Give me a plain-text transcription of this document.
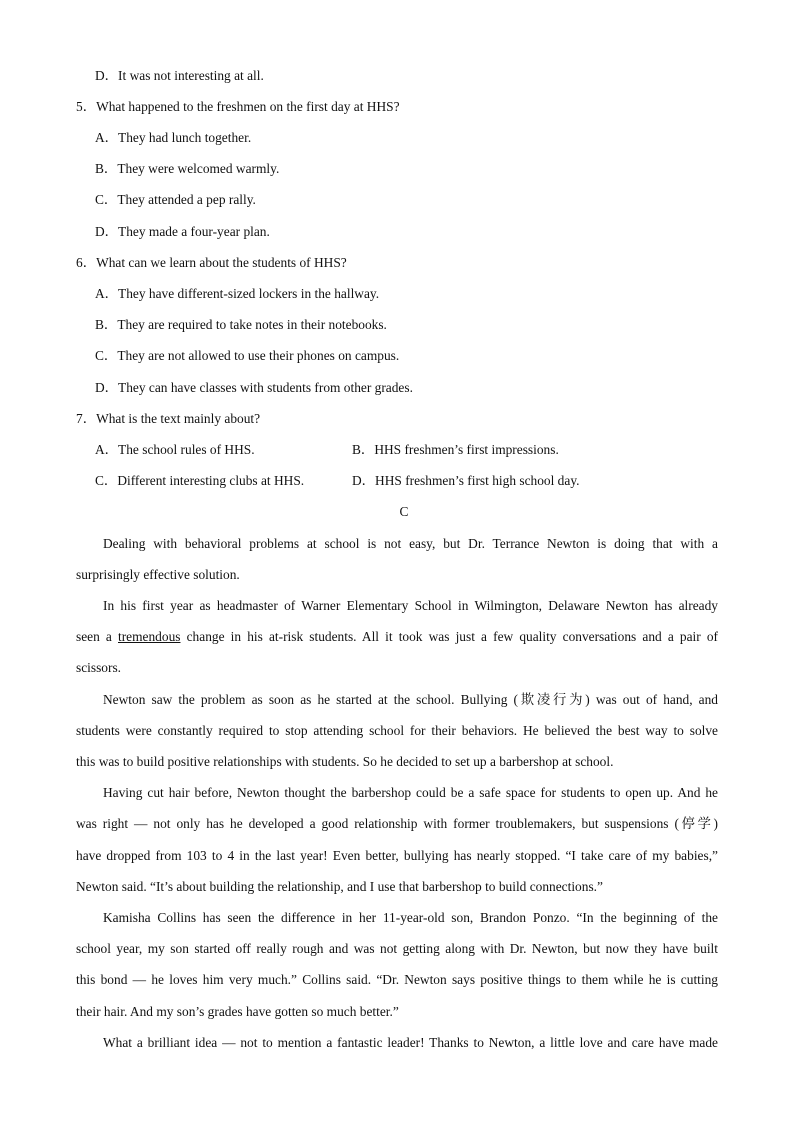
D．It was not interesting at all.
5．What happened to the freshmen on the first day at HHS?
A．They had lunch together.
B．They were welcomed warmly.
C．They attended a pep rally.
D．They made a four-year plan.
6．What can we learn about the students of HHS?
A．They have different-sized lockers in the hallway.
B．They are required to take notes in their notebooks.
C．They are not allowed to use their phones on campus.
D．They can have classes with students from other grades.
7．What is the text mainly about?
A．The school rules of HHS.	B．HHS freshmen’s first impressions.
C．Different interesting clubs at HHS.	D．HHS freshmen’s first high school day.
C
Dealing with behavioral problems at school is not easy, but Dr. Terrance Newton is doing that with a
surprisingly effective solution.
In his first year as headmaster of Warner Elementary School in Wilmington, Delaware Newton has already
seen a tremendous change in his at-risk students. All it took was just a few quality conversations and a pair of
scissors.
Newton saw the problem as soon as he started at the school. Bullying (欺凌行为) was out of hand, and
students were constantly required to stop attending school for their behaviors. He believed the best way to solve
this was to build positive relationships with students. So he decided to set up a barbershop at school.
Having cut hair before, Newton thought the barbershop could be a safe space for students to open up. And he
was right — not only has he developed a good relationship with former troublemakers, but suspensions (停学)
have dropped from 103 to 4 in the last year! Even better, bullying has nearly stopped. “I take care of my babies,”
Newton said. “It’s about building the relationship, and I use that barbershop to build connections.”
Kamisha Collins has seen the difference in her 11-year-old son, Brandon Ponzo. “In the beginning of the
school year, my son started off really rough and was not getting along with Dr. Newton, but now they have built
this bond — he loves him very much.” Collins said. “Dr. Newton says positive things to them while he is cutting
their hair. And my son’s grades have gotten so much better.”
What a brilliant idea — not to mention a fantastic leader! Thanks to Newton, a little love and care have made
